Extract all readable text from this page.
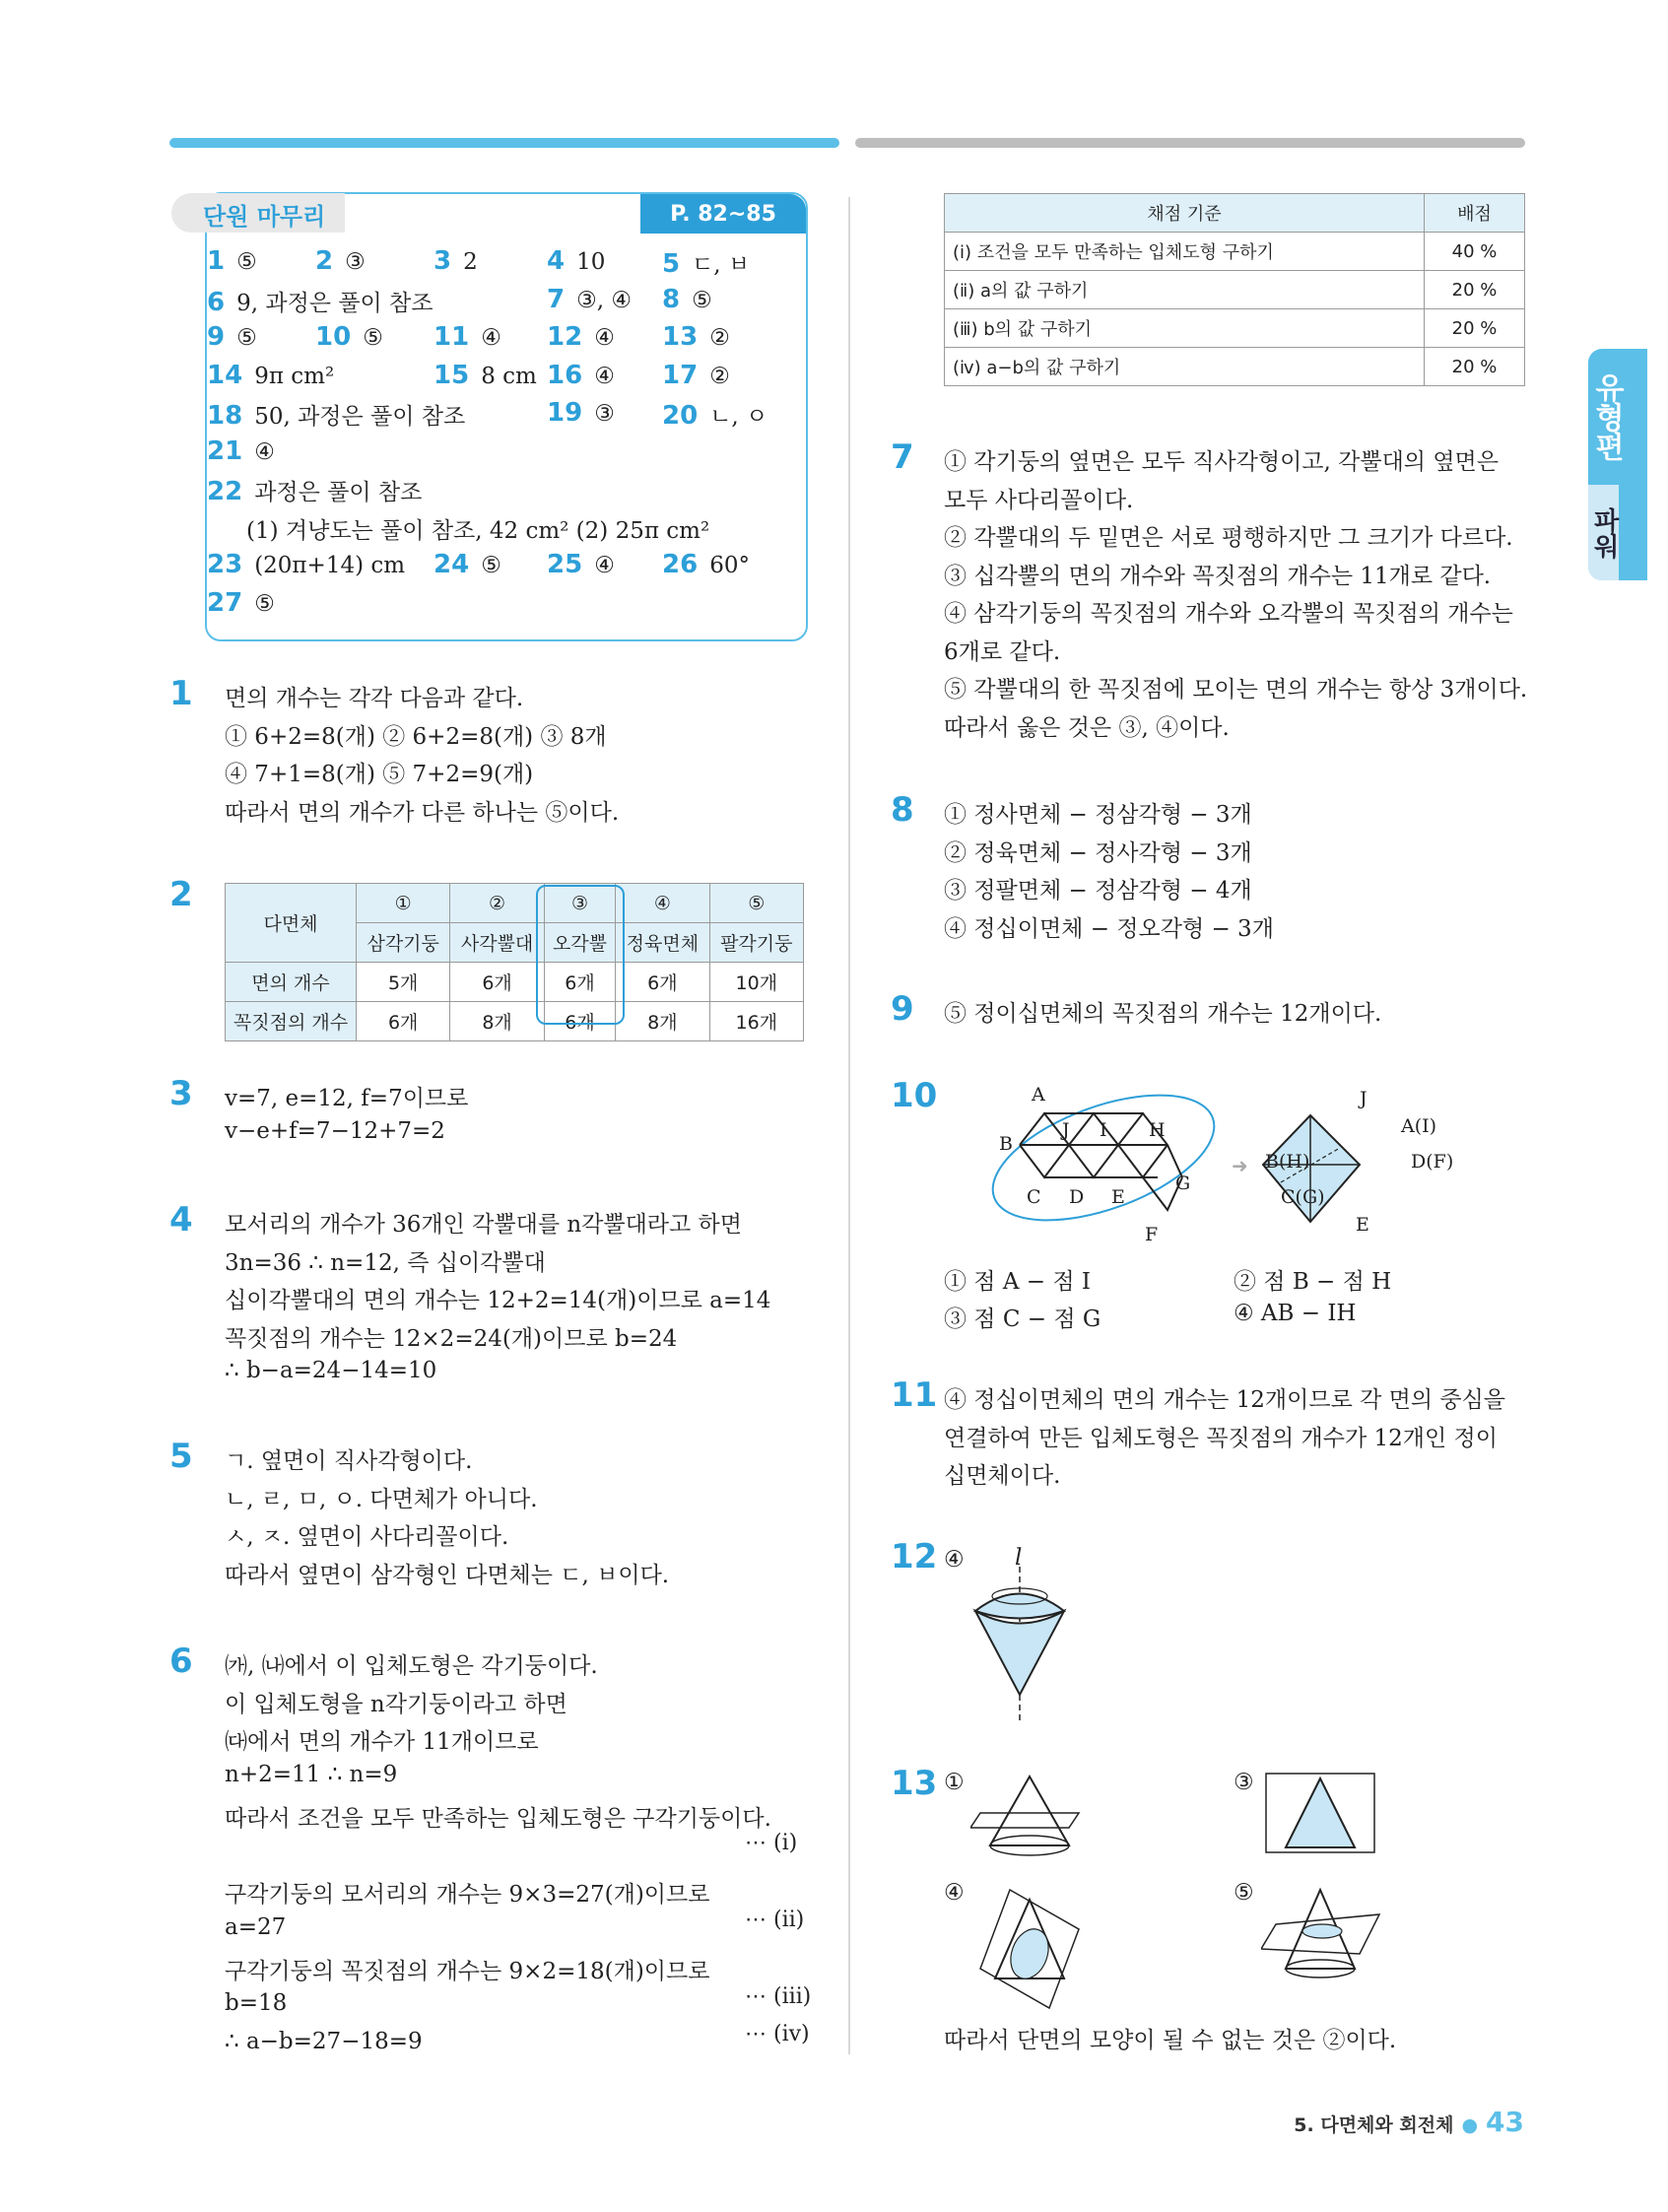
유형편
파워
단원 마무리	P. 82~85
1 ⑤ 2 ③	3 2	4 10 5 ㄷ, ㅂ
6 9, 과정은 풀이 참조	7 ③, ④ 8 ⑤
9 ⑤ 10 ⑤ 11 ④ 12 ④ 13 ②
14 9π cm²	15 8 cm 16 ④ 17 ②
18 50, 과정은 풀이 참조	19 ③ 20 ㄴ, ㅇ
21 ④
22 과정은 풀이 참조
(1) 겨냥도는 풀이 참조, 42 cm² (2) 25π cm²
23 (20π+14) cm 24 ⑤ 25 ④ 26 60°
27 ⑤
1 면의 개수는 각각 다음과 같다.
① 6+2=8(개) ② 6+2=8(개) ③ 8개
④ 7+1=8(개) ⑤ 7+2=9(개)
따라서 면의 개수가 다른 하나는 ⑤이다.
2
다면체	①	②	③	④	⑤
	삼각기둥	사각뿔대	오각뿔	정육면체	팔각기둥
면의 개수	5개	6개	6개	6개	10개
꼭짓점의 개수	6개	8개	6개	8개	16개
3 v=7, e=12, f=7이므로
v−e+f=7−12+7=2
4 모서리의 개수가 36개인 각뿔대를 n각뿔대라고 하면
3n=36 ∴ n=12, 즉 십이각뿔대
십이각뿔대의 면의 개수는 12+2=14(개)이므로 a=14
꼭짓점의 개수는 12×2=24(개)이므로 b=24
∴ b−a=24−14=10
5 ㄱ. 옆면이 직사각형이다.
ㄴ, ㄹ, ㅁ, ㅇ. 다면체가 아니다.
ㅅ, ㅈ. 옆면이 사다리꼴이다.
따라서 옆면이 삼각형인 다면체는 ㄷ, ㅂ이다.
6 ㈎, ㈏에서 이 입체도형은 각기둥이다.
이 입체도형을 n각기둥이라고 하면
㈐에서 면의 개수가 11개이므로
n+2=11 ∴ n=9
따라서 조건을 모두 만족하는 입체도형은 구각기둥이다.
구각기둥의 모서리의 개수는 9×3=27(개)이므로
a=27
구각기둥의 꼭짓점의 개수는 9×2=18(개)이므로
b=18
∴ a−b=27−18=9
⋯ (ⅰ)
⋯ (ⅱ)
⋯ (ⅲ)
⋯ (ⅳ)
채점 기준	배점
(ⅰ) 조건을 모두 만족하는 입체도형 구하기	40 %
(ⅱ) a의 값 구하기	20 %
(ⅲ) b의 값 구하기	20 %
(ⅳ) a−b의 값 구하기	20 %
7 ① 각기둥의 옆면은 모두 직사각형이고, 각뿔대의 옆면은
모두 사다리꼴이다.
② 각뿔대의 두 밑면은 서로 평행하지만 그 크기가 다르다.
③ 십각뿔의 면의 개수와 꼭짓점의 개수는 11개로 같다.
④ 삼각기둥의 꼭짓점의 개수와 오각뿔의 꼭짓점의 개수는
6개로 같다.
⑤ 각뿔대의 한 꼭짓점에 모이는 면의 개수는 항상 3개이다.
따라서 옳은 것은 ③, ④이다.
8 ① 정사면체 − 정삼각형 − 3개
② 정육면체 − 정사각형 − 3개
③ 정팔면체 − 정삼각형 − 4개
④ 정십이면체 − 정오각형 − 3개
9 ⑤ 정이십면체의 꼭짓점의 개수는 12개이다.
10
➜
A
J I H
B
G
C D E
F
J
A(I)
B(H)	D(F)
C(G)
E
① 점 A − 점 I	② 점 B − 점 H
③ 점 C − 점 G	④ AB − IH
11 ④ 정십이면체의 면의 개수는 12개이므로 각 면의 중심을
연결하여 만든 입체도형은 꼭짓점의 개수가 12개인 정이
십면체이다.
12 ④ l
13 ①	③
④	⑤
따라서 단면의 모양이 될 수 없는 것은 ②이다.
5. 다면체와 회전체 ● 43
